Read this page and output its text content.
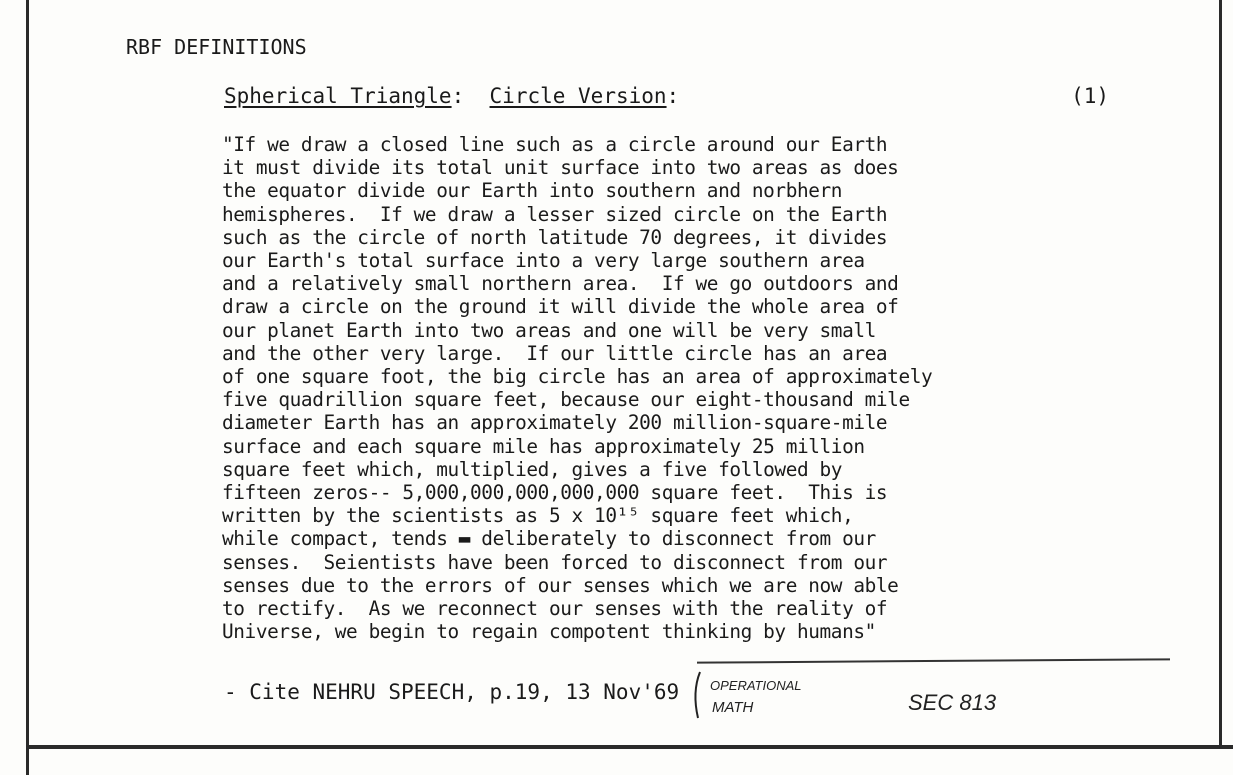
RBF DEFINITIONS
Spherical Triangle: Circle Version:	(1)
"If we draw a closed line such as a circle around our Earth
it must divide its total unit surface into two areas as does
the equator divide our Earth into southern and norbhern
hemispheres.  If we draw a lesser sized circle on the Earth
such as the circle of north latitude 70 degrees, it divides
our Earth's total surface into a very large southern area
and a relatively small northern area.  If we go outdoors and
draw a circle on the ground it will divide the whole area of
our planet Earth into two areas and one will be very small
and the other very large.  If our little circle has an area
of one square foot, the big circle has an area of approximately
five quadrillion square feet, because our eight-thousand mile
diameter Earth has an approximately 200 million-square-mile
surface and each square mile has approximately 25 million
square feet which, multiplied, gives a five followed by
fifteen zeros-- 5,000,000,000,000,000 square feet.  This is
written by the scientists as 5 x 10¹⁵ square feet which,
while compact, tends ▬ deliberately to disconnect from our
senses.  Seientists have been forced to disconnect from our
senses due to the errors of our senses which we are now able
to rectify.  As we reconnect our senses with the reality of
Universe, we begin to regain compotent thinking by humans"
- Cite NEHRU SPEECH, p.19, 13 Nov'69 OPERATIONAL
MATH	SEC 813
